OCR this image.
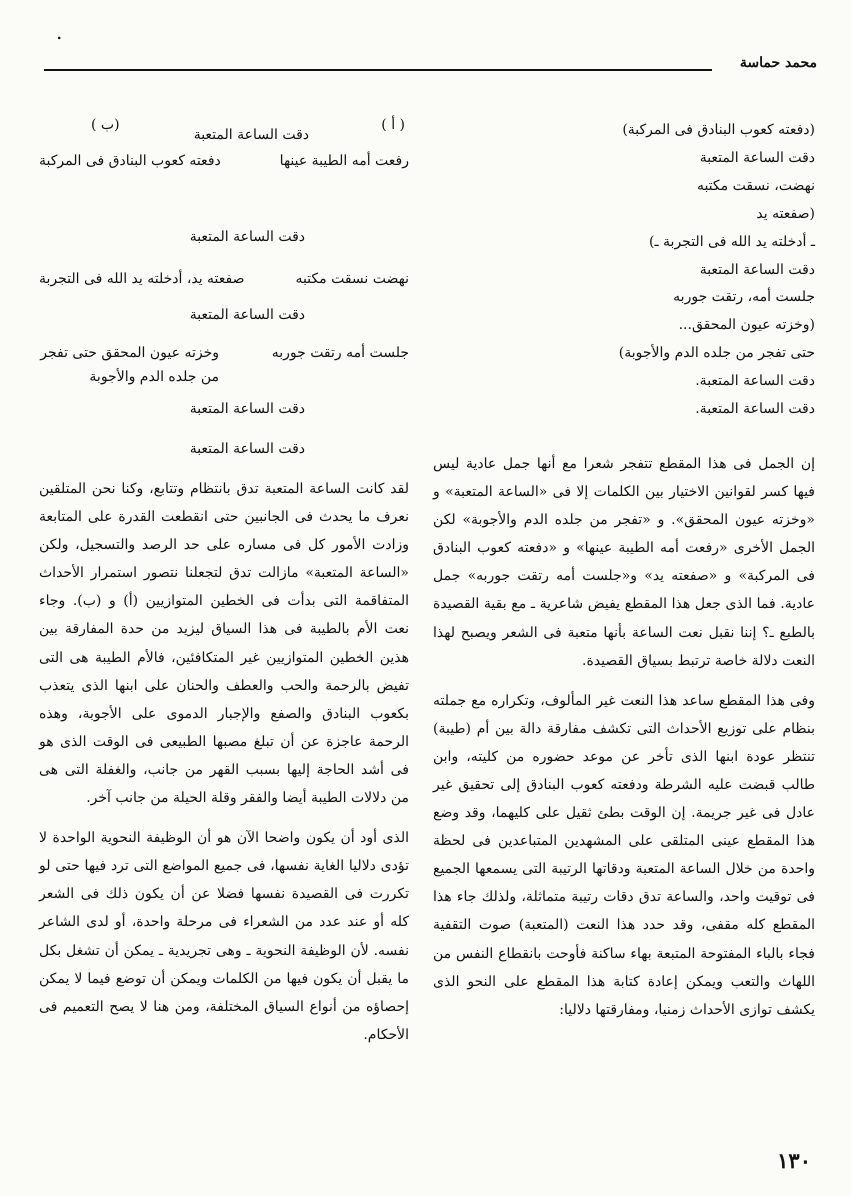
.
محمد حماسة
(دفعته كعوب البنادق فى المركبة)
دقت الساعة المتعبة
نهضت، نسقت مكتبه
(صفعته يد
ـ أدخلته يد الله فى التجربة ـ)
دقت الساعة المتعبة
جلست أمه، رتقت جوربه
(وخزته عيون المحقق...
حتى تفجر من جلده الدم والأجوبة)
دقت الساعة المتعبة.
دقت الساعة المتعبة.

إن الجمل فى هذا المقطع تتفجر شعرا مع أنها جمل عادية ليس فيها كسر لقوانين الاختيار بين الكلمات إلا فى «الساعة المتعبة» و «وخزته عيون المحقق». و «تفجر من جلده الدم والأجوبة» لكن الجمل الأخرى «رفعت أمه الطيبة عينها» و «دفعته كعوب البنادق فى المركبة» و «صفعته يد» و«جلست أمه رتقت جوربه» جمل عادية. فما الذى جعل هذا المقطع يفيض شاعرية ـ مع بقية القصيدة بالطبع ـ؟ إننا نقبل نعت الساعة بأنها متعبة فى الشعر ويصبح لهذا النعت دلالة خاصة ترتبط بسياق القصيدة.

وفى هذا المقطع ساعد هذا النعت غير المألوف، وتكراره مع جملته بنظام على توزيع الأحداث التى تكشف مفارقة دالة بين أم (طيبة) تنتظر عودة ابنها الذى تأخر عن موعد حضوره من كليته، وابن طالب قبضت عليه الشرطة ودفعته كعوب البنادق إلى تحقيق غير عادل فى غير جريمة. إن الوقت بطئ ثقيل على كليهما، وقد وضع هذا المقطع عينى المتلقى على المشهدين المتباعدين فى لحظة واحدة من خلال الساعة المتعبة ودقاتها الرتيبة التى يسمعها الجميع فى توقيت واحد، والساعة تدق دقات رتيبة متماثلة، ولذلك جاء هذا المقطع كله مقفى، وقد حدد هذا النعت (المتعبة) صوت التقفية فجاء بالباء المفتوحة المتبعة بهاء ساكنة فأوحت بانقطاع النفس من اللهاث والتعب ويمكن إعادة كتابة هذا المقطع على النحو الذى يكشف توازى الأحداث زمنيا، ومفارقتها دلاليا:

( أ )
دقت الساعة المتعبة
(ب )
رفعت أمه الطيبة عينها
دفعته كعوب البنادق فى المركبة
دقت الساعة المتعبة
نهضت نسقت مكتبه
صفعته يد، أدخلته يد الله فى التجربة
دقت الساعة المتعبة
جلست أمه رتقت جوربه
وخزته عيون المحقق حتى تفجر من جلده الدم والأجوبة
دقت الساعة المتعبة
دقت الساعة المتعبة

لقد كانت الساعة المتعبة تدق بانتظام وتتابع، وكنا نحن المتلقين نعرف ما يحدث فى الجانبين حتى انقطعت القدرة على المتابعة وزادت الأمور كل فى مساره على حد الرصد والتسجيل، ولكن «الساعة المتعبة» مازالت تدق لتجعلنا نتصور استمرار الأحداث المتفاقمة التى بدأت فى الخطين المتوازيين (أ) و (ب). وجاء نعت الأم بالطيبة فى هذا السياق ليزيد من حدة المفارقة بين هذين الخطين المتوازيين غير المتكافئين، فالأم الطيبة هى التى تفيض بالرحمة والحب والعطف والحنان على ابنها الذى يتعذب بكعوب البنادق والصفع والإجبار الدموى على الأجوبة، وهذه الرحمة عاجزة عن أن تبلغ مصبها الطبيعى فى الوقت الذى هو فى أشد الحاجة إليها بسبب القهر من جانب، والغفلة التى هى من دلالات الطيبة أيضا والفقر وقلة الحيلة من جانب آخر.

الذى أود أن يكون واضحا الآن هو أن الوظيفة النحوية الواحدة لا تؤدى دلاليا الغاية نفسها، فى جميع المواضع التى ترد فيها حتى لو تكررت فى القصيدة نفسها فضلا عن أن يكون ذلك فى الشعر كله أو عند عدد من الشعراء فى مرحلة واحدة، أو لدى الشاعر نفسه. لأن الوظيفة النحوية ـ وهى تجريدية ـ يمكن أن تشغل بكل ما يقبل أن يكون فيها من الكلمات ويمكن أن توضع فيما لا يمكن إحصاؤه من أنواع السياق المختلفة، ومن هنا لا يصح التعميم فى الأحكام.

١٣٠
